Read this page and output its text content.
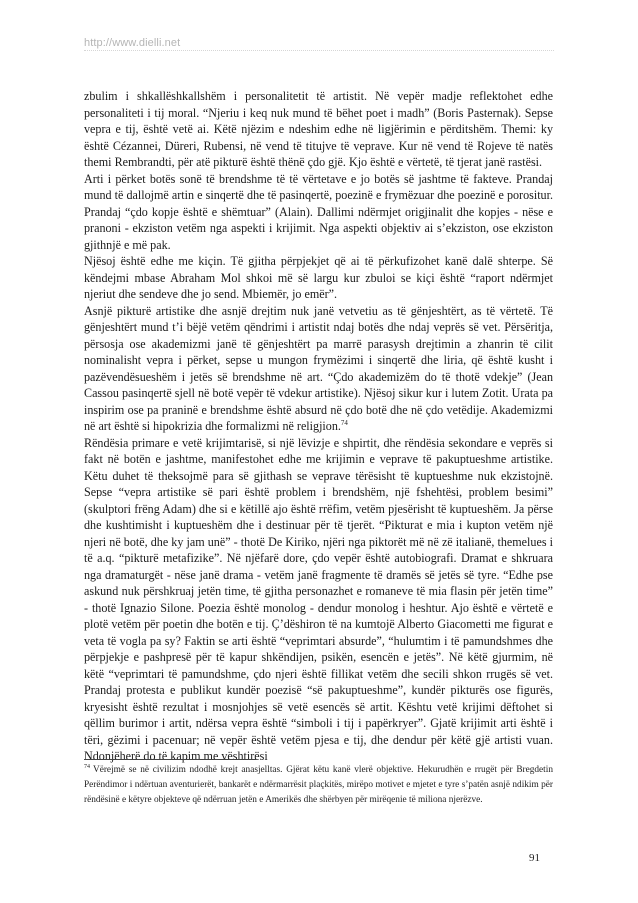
http://www.dielli.net

zbulim i shkallëshkallshëm i personalitetit të artistit. Në vepër madje reflektohet edhe personaliteti i tij moral. “Njeriu i keq nuk mund të bëhet poet i madh” (Boris Pasternak). Sepse vepra e tij, është vetë ai. Këtë njëzim e ndeshim edhe në ligjërimin e përditshëm. Themi: ky është Cézannei, Düreri, Rubensi, në vend të titujve të veprave. Kur në vend të Rojeve të natës themi Rembrandti, për atë pikturë është thënë çdo gjë. Kjo është e vërtetë, të tjerat janë rastësi.

Arti i përket botës sonë të brendshme të të vërtetave e jo botës së jashtme të fakteve. Prandaj mund të dallojmë artin e sinqertë dhe të pasinqertë, poezinë e frymëzuar dhe poezinë e porositur. Prandaj “çdo kopje është e shëmtuar” (Alain). Dallimi ndërmjet origjinalit dhe kopjes - nëse e pranoni - ekziston vetëm nga aspekti i krijimit. Nga aspekti objektiv ai s’ekziston, ose ekziston gjithnjë e më pak.

Njësoj është edhe me kiçin. Të gjitha përpjekjet që ai të përkufizohet kanë dalë shterpe. Së këndejmi mbase Abraham Mol shkoi më së largu kur zbuloi se kiçi është “raport ndërmjet njeriut dhe sendeve dhe jo send. Mbiemër, jo emër”.

Asnjë pikturë artistike dhe asnjë drejtim nuk janë vetvetiu as të gënjeshtërt, as të vërtetë. Të gënjeshtërt mund t’i bëjë vetëm qëndrimi i artistit ndaj botës dhe ndaj veprës së vet. Përsëritja, përsosja ose akademizmi janë të gënjeshtërt pa marrë parasysh drejtimin a zhanrin të cilit nominalisht vepra i përket, sepse u mungon frymëzimi i sinqertë dhe liria, që është kusht i pazëvendësueshëm i jetës së brendshme në art. “Çdo akademizëm do të thotë vdekje” (Jean Cassou pasinqertë sjell në botë vepër të vdekur artistike). Njësoj sikur kur i lutem Zotit. Urata pa inspirim ose pa praninë e brendshme është absurd në çdo botë dhe në çdo vetëdije. Akademizmi në art është si hipokrizia dhe formalizmi në religjion.$^{74}$

Rëndësia primare e vetë krijimtarisë, si një lëvizje e shpirtit, dhe rëndësia sekondare e veprës si fakt në botën e jashtme, manifestohet edhe me krijimin e veprave të pakuptueshme artistike. Këtu duhet të theksojmë para së gjithash se veprave tërësisht të kuptueshme nuk ekzistojnë. Sepse “vepra artistike së pari është problem i brendshëm, një fshehtësi, problem besimi” (skulptori frëng Adam) dhe si e këtillë ajo është rrëfim, vetëm pjesërisht të kuptueshëm. Ja përse dhe kushtimisht i kuptueshëm dhe i destinuar për të tjerët. “Pikturat e mia i kupton vetëm një njeri në botë, dhe ky jam unë” - thotë De Kiriko, njëri nga piktorët më në zë italianë, themelues i të a.q. “pikturë metafizike”. Në njëfarë dore, çdo vepër është autobiografi. Dramat e shkruara nga dramaturgët - nëse janë drama - vetëm janë fragmente të dramës së jetës së tyre. “Edhe pse askund nuk përshkruaj jetën time, të gjitha personazhet e romaneve të mia flasin për jetën time” - thotë Ignazio Silone. Poezia është monolog - dendur monolog i heshtur. Ajo është e vërtetë e plotë vetëm për poetin dhe botën e tij. Ç’dëshiron të na kumtojë Alberto Giacometti me figurat e veta të vogla pa sy? Faktin se arti është “veprimtari absurde”, “hulumtim i të pamundshmes dhe përpjekje e pashpresë për të kapur shkëndijen, psikën, esencën e jetës”. Në këtë gjurmim, në këtë “veprimtari të pamundshme, çdo njeri është fillikat vetëm dhe secili shkon rrugës së vet. Prandaj protesta e publikut kundër poezisë “së pakuptueshme”, kundër pikturës ose figurës, kryesisht është rezultat i mosnjohjes së vetë esencës së artit. Kështu vetë krijimi dëftohet si qëllim burimor i artit, ndërsa vepra është “simboli i tij i papërkryer”. Gjatë krijimit arti është i tëri, gëzimi i pacenuar; në vepër është vetëm pjesa e tij, dhe dendur për këtë gjë artisti vuan. Ndonjëherë do të kapim me vështirësi

$^{74}$ Vërejmë se në civilizim ndodhë krejt anasjelltas. Gjërat këtu kanë vlerë objektive. Hekurudhën e rrugët për Bregdetin Perëndimor i ndërtuan aventurierët, bankarët e ndërmarrësit plaçkitës, mirëpo motivet e mjetet e tyre s’patën asnjë ndikim për rëndësinë e këtyre objekteve që ndërruan jetën e Amerikës dhe shërbyen për mirëqenie të miliona njerëzve.
91
